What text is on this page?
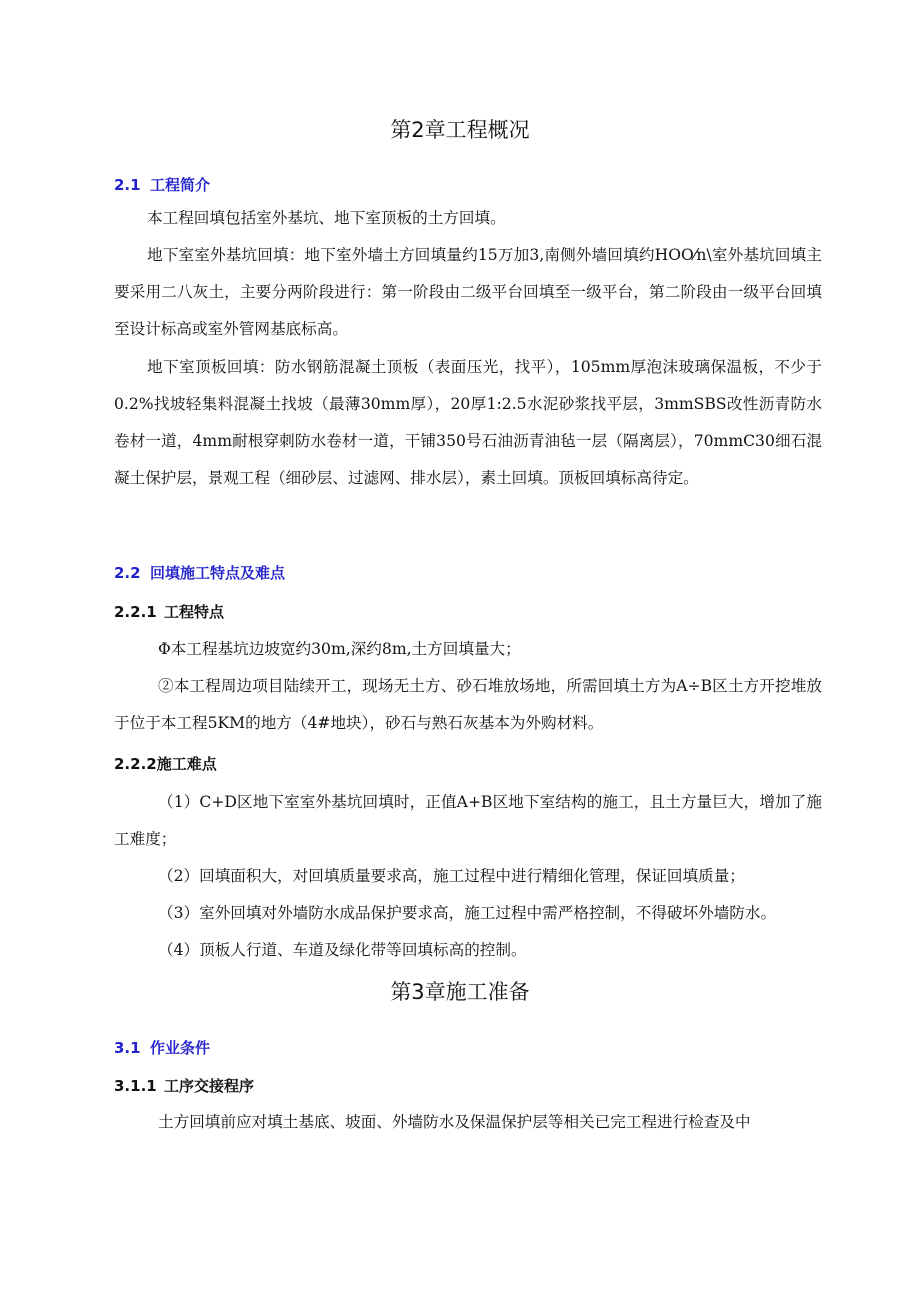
第2章工程概况
2.1 工程简介

本工程回填包括室外基坑、地下室顶板的土方回填。

地下室室外基坑回填：地下室外墙土方回填量约15万加3,南侧外墙回填约HOO⁄n\室外基坑回填主要采用二八灰土，主要分两阶段进行：第一阶段由二级平台回填至一级平台，第二阶段由一级平台回填至设计标高或室外管网基底标高。

地下室顶板回填：防水钢筋混凝土顶板（表面压光，找平），105mm厚泡沫玻璃保温板，不少于0.2%找坡轻集料混凝土找坡（最薄30mm厚），20厚1:2.5水泥砂浆找平层，3mmSBS改性沥青防水卷材一道，4mm耐根穿刺防水卷材一道，干铺350号石油沥青油毡一层（隔离层），70mmC30细石混凝土保护层，景观工程（细砂层、过滤网、排水层），素土回填。顶板回填标高待定。

2.2 回填施工特点及难点
2.2.1 工程特点

Φ本工程基坑边坡宽约30m,深约8m,土方回填量大；

②本工程周边项目陆续开工，现场无土方、砂石堆放场地，所需回填土方为A÷B区土方开挖堆放于位于本工程5KM的地方（4#地块），砂石与熟石灰基本为外购材料。

2.2.2施工难点

（1）C+D区地下室室外基坑回填时，正值A+B区地下室结构的施工，且土方量巨大，增加了施工难度；

（2）回填面积大，对回填质量要求高，施工过程中进行精细化管理，保证回填质量；

（3）室外回填对外墙防水成品保护要求高，施工过程中需严格控制，不得破坏外墙防水。

（4）顶板人行道、车道及绿化带等回填标高的控制。

第3章施工准备
3.1 作业条件
3.1.1 工序交接程序

土方回填前应对填土基底、坡面、外墙防水及保温保护层等相关已完工程进行检查及中
